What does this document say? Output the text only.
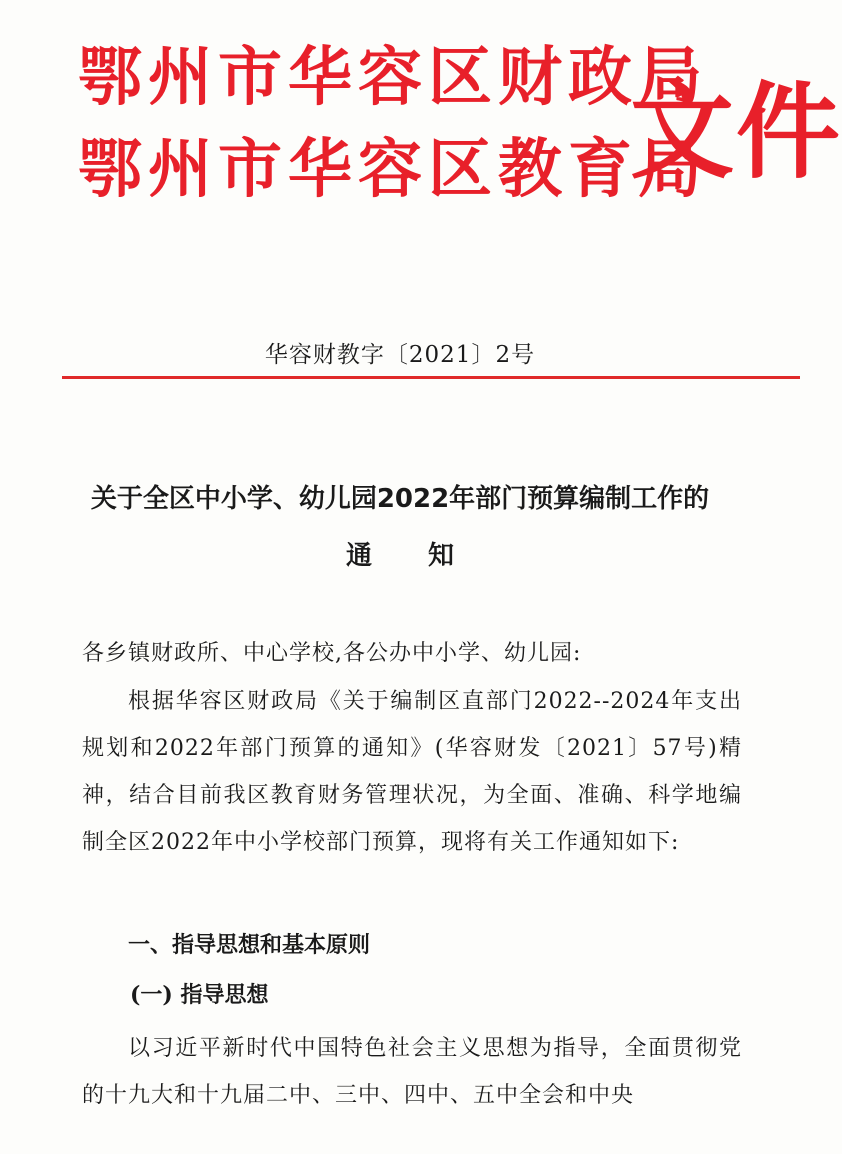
鄂州市华容区财政局
鄂州市华容区教育局
文件
华容财教字〔2021〕2号
关于全区中小学、幼儿园2022年部门预算编制工作的
通知
各乡镇财政所、中心学校,各公办中小学、幼儿园:
根据华容区财政局《关于编制区直部门2022--2024年支出规划和2022年部门预算的通知》(华容财发〔2021〕57号)精神，结合目前我区教育财务管理状况，为全面、准确、科学地编制全区2022年中小学校部门预算，现将有关工作通知如下:
一、指导思想和基本原则
(一) 指导思想
以习近平新时代中国特色社会主义思想为指导，全面贯彻党的十九大和十九届二中、三中、四中、五中全会和中央
